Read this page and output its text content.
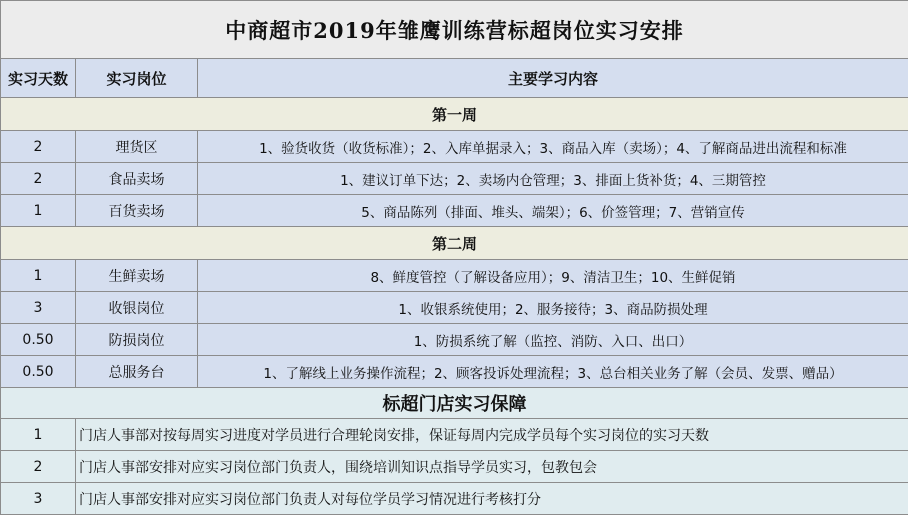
中商超市2019年雏鹰训练营标超岗位实习安排		
实习天数	实习岗位	主要学习内容
第一周		
2	理货区	1、验货收货（收货标准）；2、入库单据录入；3、商品入库（卖场）；4、了解商品进出流程和标准
2	食品卖场	1、建议订单下达；2、卖场内仓管理；3、排面上货补货；4、三期管控
1	百货卖场	5、商品陈列（排面、堆头、端架）；6、价签管理；7、营销宣传
第二周		
1	生鲜卖场	8、鲜度管控（了解设备应用）；9、清洁卫生；10、生鲜促销
3	收银岗位	1、收银系统使用；2、服务接待；3、商品防损处理
0.50	防损岗位	1、防损系统了解（监控、消防、入口、出口）
0.50	总服务台	1、了解线上业务操作流程；2、顾客投诉处理流程；3、总台相关业务了解（会员、发票、赠品）
标超门店实习保障		
1	门店人事部对按每周实习进度对学员进行合理轮岗安排，保证每周内完成学员每个实习岗位的实习天数	
2	门店人事部安排对应实习岗位部门负责人，围绕培训知识点指导学员实习，包教包会	
3	门店人事部安排对应实习岗位部门负责人对每位学员学习情况进行考核打分	
